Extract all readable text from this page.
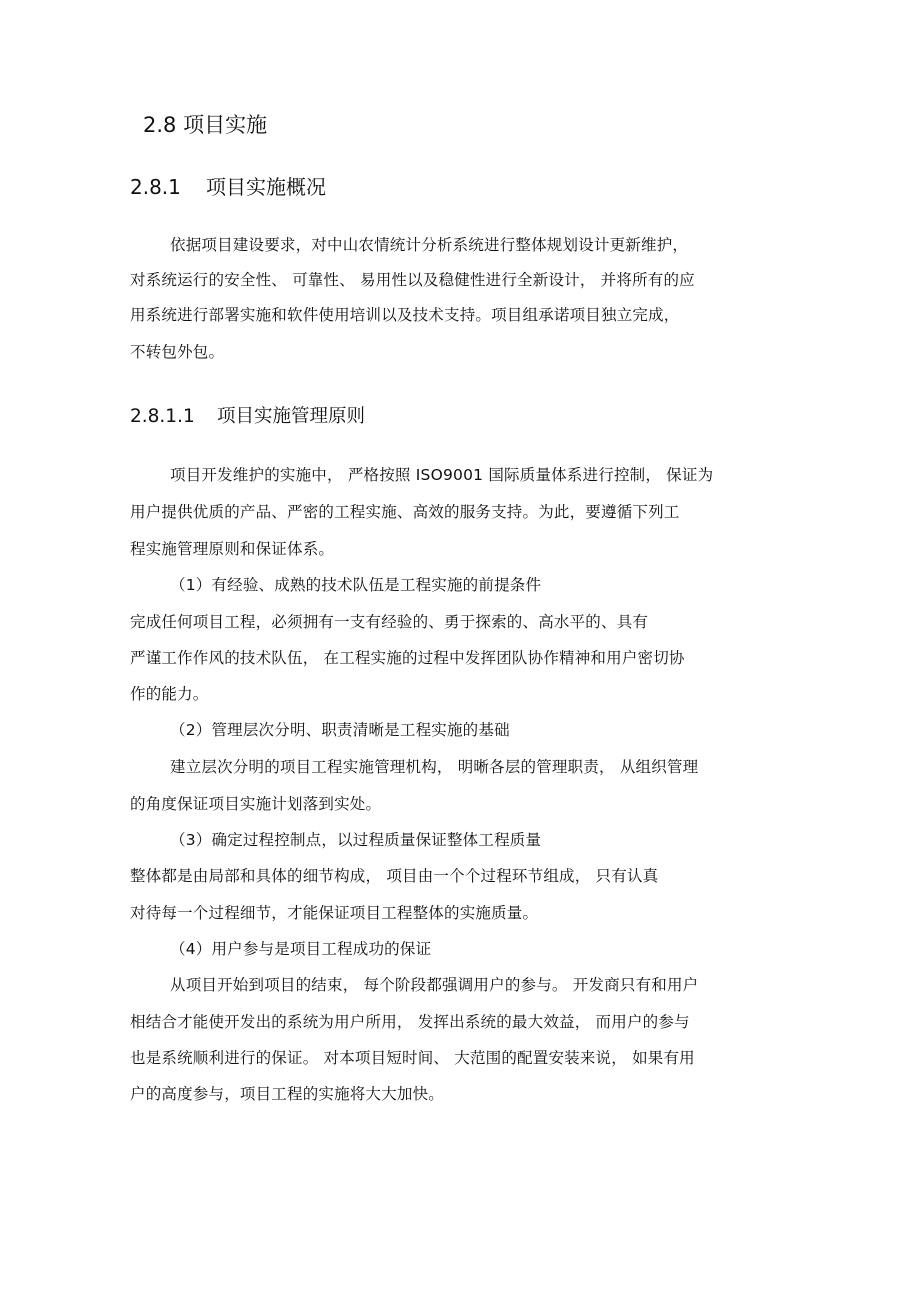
2.8 项目实施
2.8.1 项目实施概况
依据项目建设要求，对中山农情统计分析系统进行整体规划设计更新维护，
对系统运行的安全性、 可靠性、 易用性以及稳健性进行全新设计， 并将所有的应
用系统进行部署实施和软件使用培训以及技术支持。项目组承诺项目独立完成，
不转包外包。
2.8.1.1 项目实施管理原则
项目开发维护的实施中， 严格按照 ISO9001 国际质量体系进行控制， 保证为
用户提供优质的产品、严密的工程实施、高效的服务支持。为此，要遵循下列工
程实施管理原则和保证体系。
（1）有经验、成熟的技术队伍是工程实施的前提条件
完成任何项目工程，必须拥有一支有经验的、勇于探索的、高水平的、具有
严谨工作作风的技术队伍， 在工程实施的过程中发挥团队协作精神和用户密切协
作的能力。
（2）管理层次分明、职责清晰是工程实施的基础
建立层次分明的项目工程实施管理机构， 明晰各层的管理职责， 从组织管理
的角度保证项目实施计划落到实处。
（3）确定过程控制点，以过程质量保证整体工程质量
整体都是由局部和具体的细节构成， 项目由一个个过程环节组成， 只有认真
对待每一个过程细节，才能保证项目工程整体的实施质量。
（4）用户参与是项目工程成功的保证
从项目开始到项目的结束， 每个阶段都强调用户的参与。 开发商只有和用户
相结合才能使开发出的系统为用户所用， 发挥出系统的最大效益， 而用户的参与
也是系统顺利进行的保证。 对本项目短时间、 大范围的配置安装来说， 如果有用
户的高度参与，项目工程的实施将大大加快。
